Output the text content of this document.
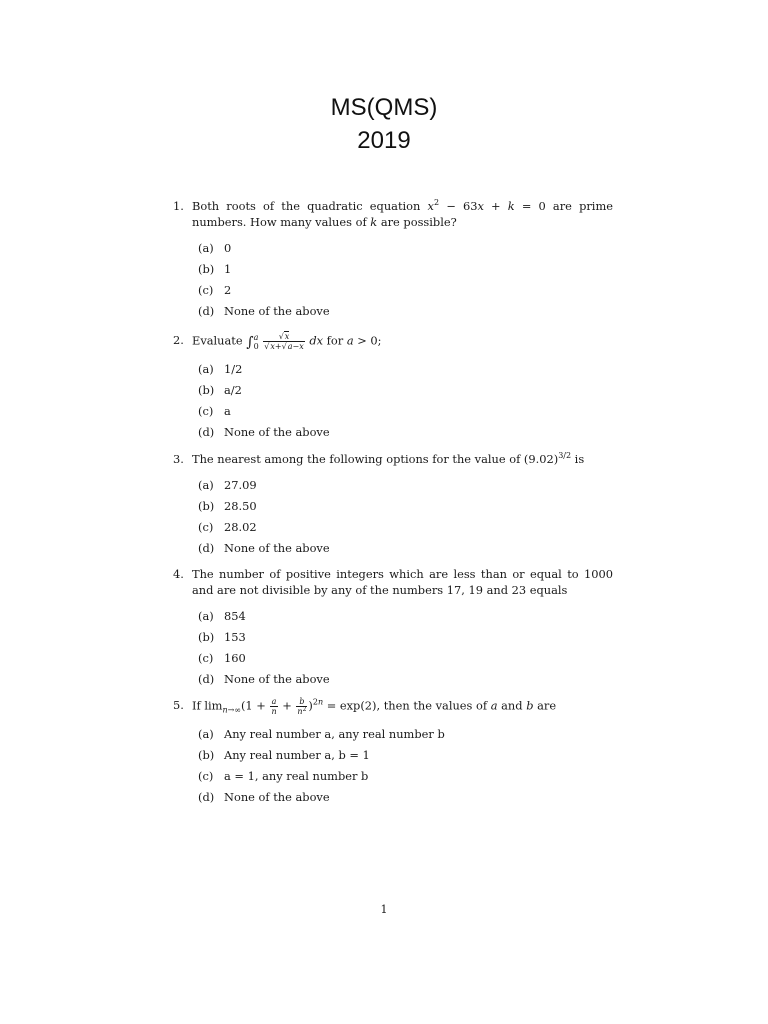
MS(QMS)
2019
1. Both roots of the quadratic equation $x^2 - 63x + k = 0$ are prime numbers. How many values of k are possible?
(a) 0
(b) 1
(c) 2
(d) None of the above
2. Evaluate ∫ a
0
$\frac{√x}{√x+√a-x}$ dx for a > 0;
(a) 1/2
(b) a/2
(c) a
(d) None of the above
3. The nearest among the following options for the value of $(9.02)^{3/2}$ is
(a) 27.09
(b) 28.50
(c) 28.02
(d) None of the above
4. The number of positive integers which are less than or equal to 1000 and are not divisible by any of the numbers 17, 19 and 23 equals
(a) 854
(b) 153
(c) 160
(d) None of the above
5. If $\lim_{n\to\infty}(1 + \frac{a}{n} + \frac{b}{n^2} )^{2n} = \exp(2)$, then the values of a and b are
(a) Any real number a, any real number b
(b) Any real number a, b = 1
(c) a = 1, any real number b
(d) None of the above
1
